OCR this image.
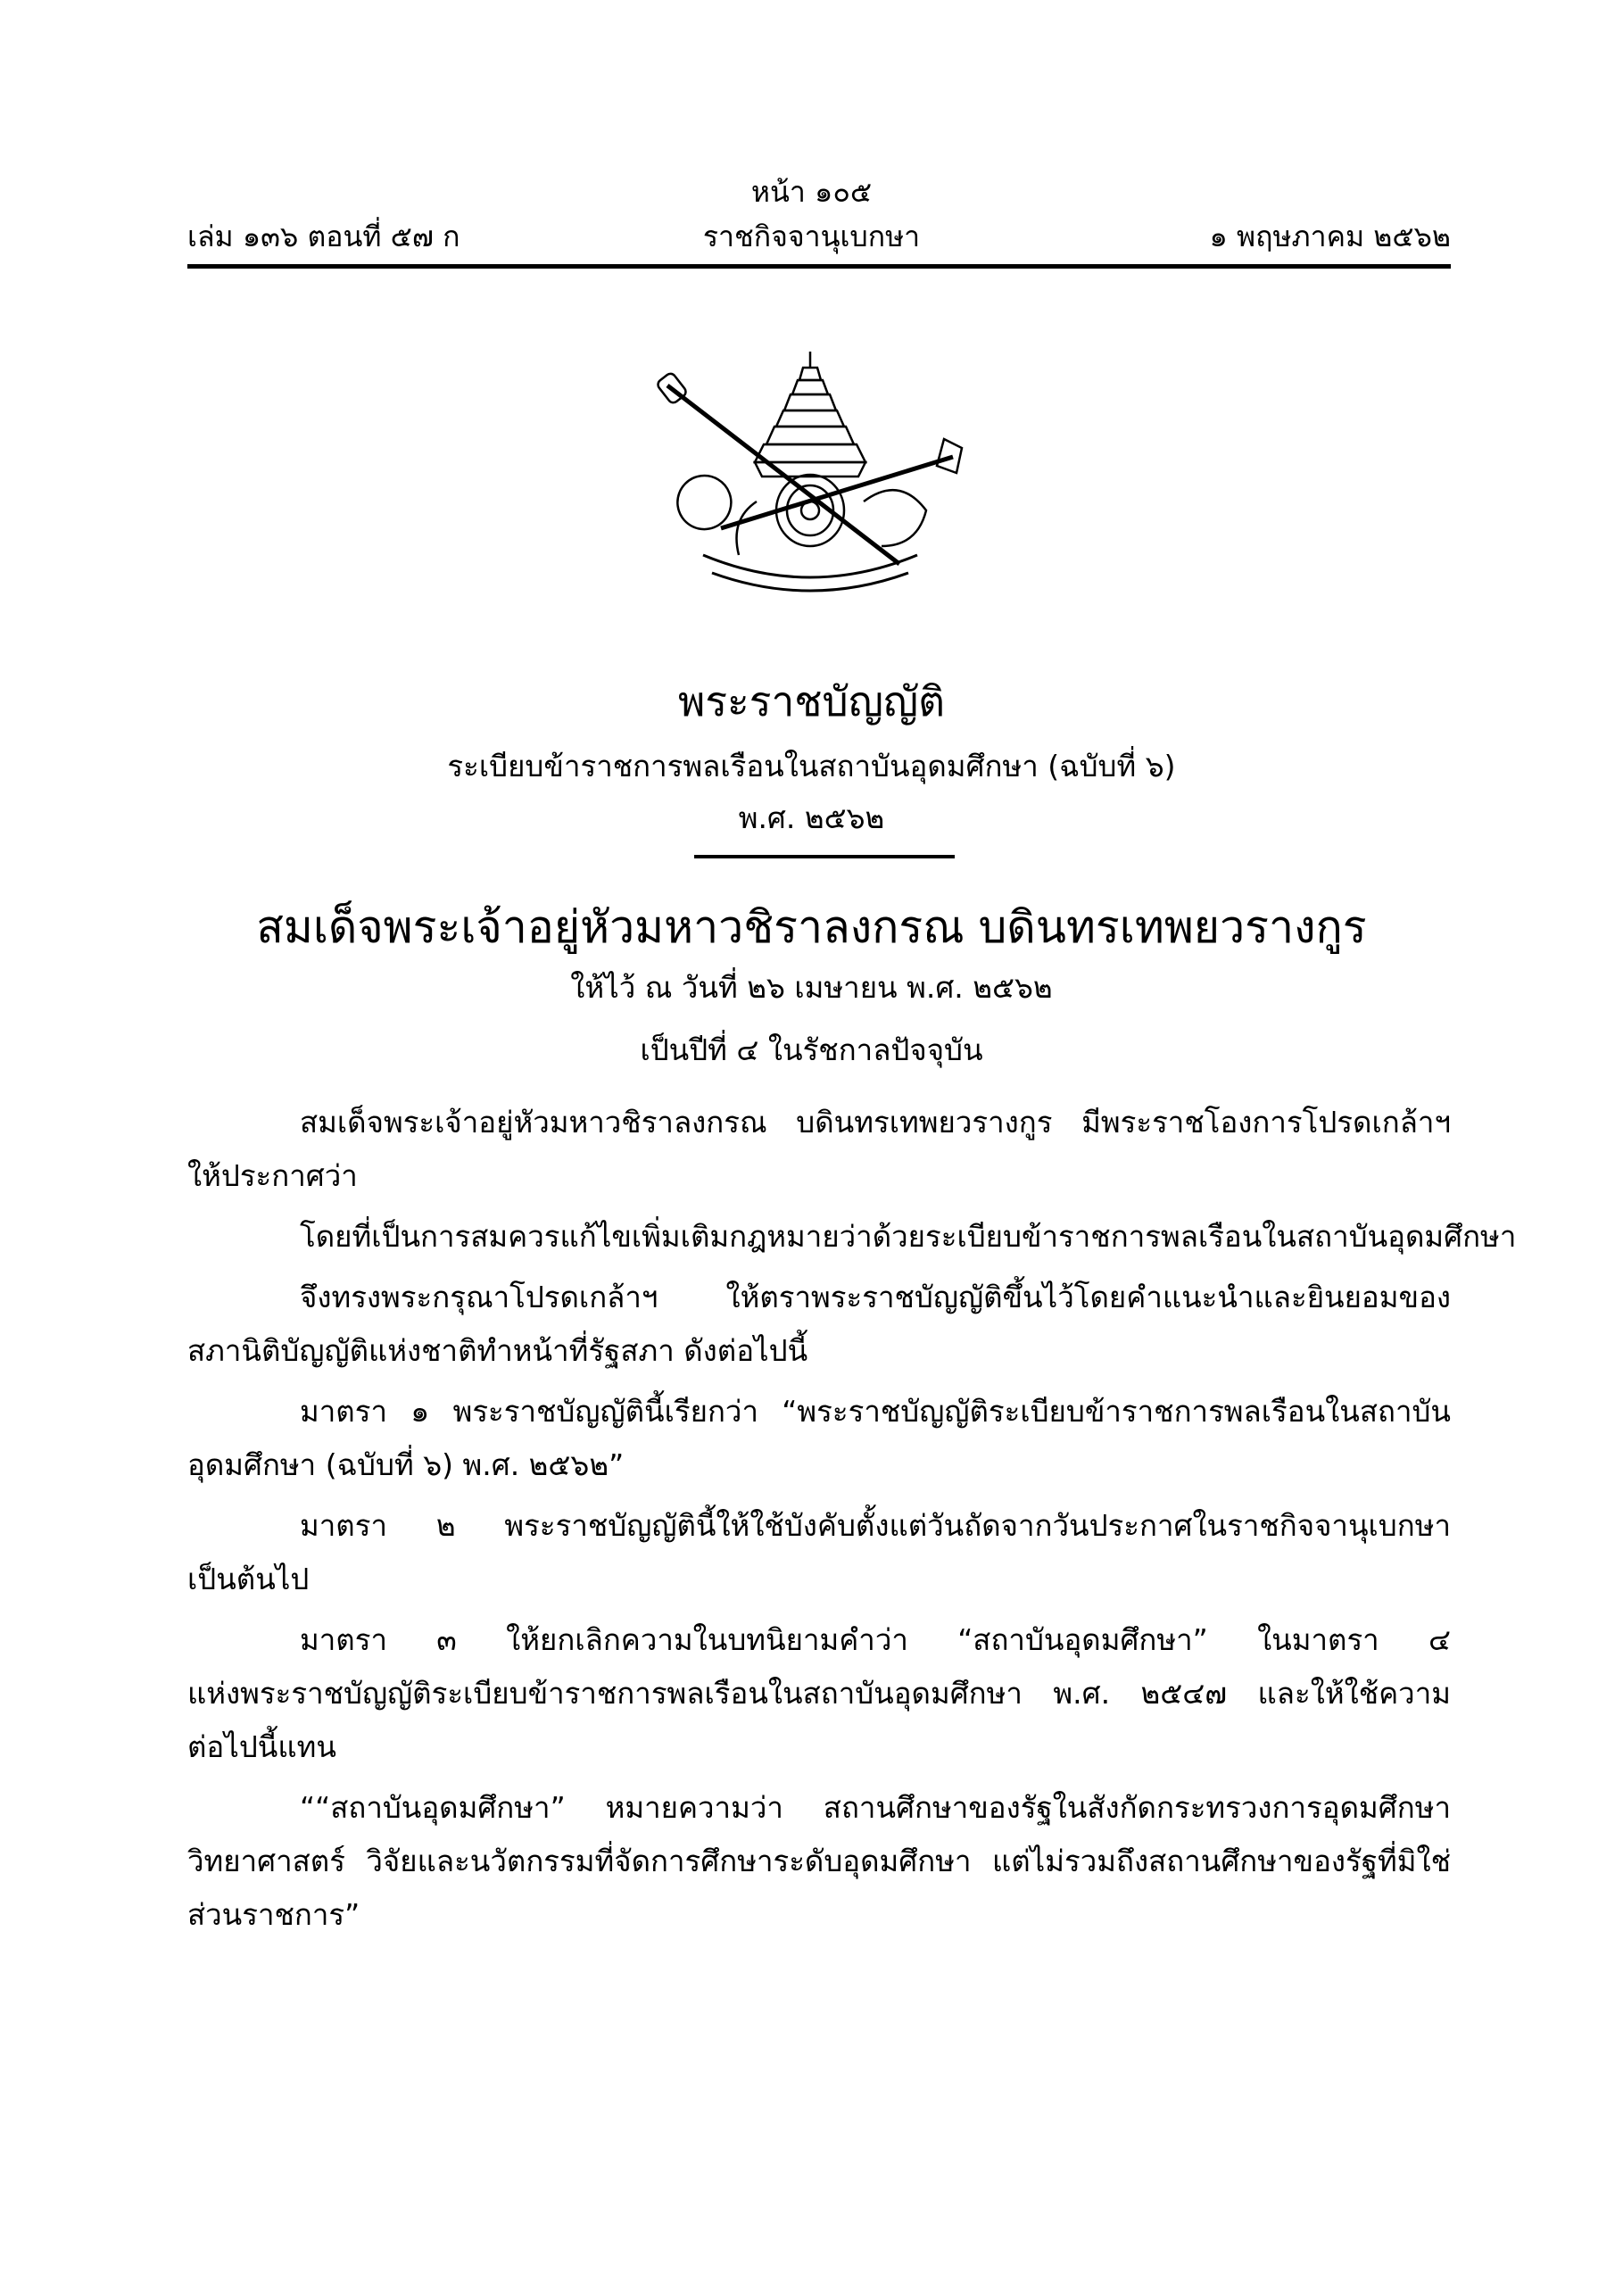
หน้า ๑๐๕
เล่ม ๑๓๖ ตอนที่ ๕๗ ก	ราชกิจจานุเบกษา	๑ พฤษภาคม ๒๕๖๒
พระราชบัญญัติ
ระเบียบข้าราชการพลเรือนในสถาบันอุดมศึกษา (ฉบับที่ ๖)
พ.ศ. ๒๕๖๒
สมเด็จพระเจ้าอยู่หัวมหาวชิราลงกรณ บดินทรเทพยวรางกูร
ให้ไว้ ณ วันที่ ๒๖ เมษายน พ.ศ. ๒๕๖๒
เป็นปีที่ ๔ ในรัชกาลปัจจุบัน
สมเด็จพระเจ้าอยู่หัวมหาวชิราลงกรณ บดินทรเทพยวรางกูร มีพระราชโองการโปรดเกล้าฯ
ให้ประกาศว่า
โดยที่เป็นการสมควรแก้ไขเพิ่มเติมกฎหมายว่าด้วยระเบียบข้าราชการพลเรือนในสถาบันอุดมศึกษา
จึงทรงพระกรุณาโปรดเกล้าฯ ให้ตราพระราชบัญญัติขึ้นไว้โดยคำแนะนำและยินยอมของ
สภานิติบัญญัติแห่งชาติทำหน้าที่รัฐสภา ดังต่อไปนี้
มาตรา ๑ พระราชบัญญัตินี้เรียกว่า “พระราชบัญญัติระเบียบข้าราชการพลเรือนในสถาบัน
อุดมศึกษา (ฉบับที่ ๖) พ.ศ. ๒๕๖๒”
มาตรา ๒ พระราชบัญญัตินี้ให้ใช้บังคับตั้งแต่วันถัดจากวันประกาศในราชกิจจานุเบกษา
เป็นต้นไป
มาตรา ๓ ให้ยกเลิกความในบทนิยามคำว่า “สถาบันอุดมศึกษา” ในมาตรา ๔
แห่งพระราชบัญญัติระเบียบข้าราชการพลเรือนในสถาบันอุดมศึกษา พ.ศ. ๒๕๔๗ และให้ใช้ความ
ต่อไปนี้แทน
““สถาบันอุดมศึกษา” หมายความว่า สถานศึกษาของรัฐในสังกัดกระทรวงการอุดมศึกษา
วิทยาศาสตร์ วิจัยและนวัตกรรมที่จัดการศึกษาระดับอุดมศึกษา แต่ไม่รวมถึงสถานศึกษาของรัฐที่มิใช่
ส่วนราชการ”
